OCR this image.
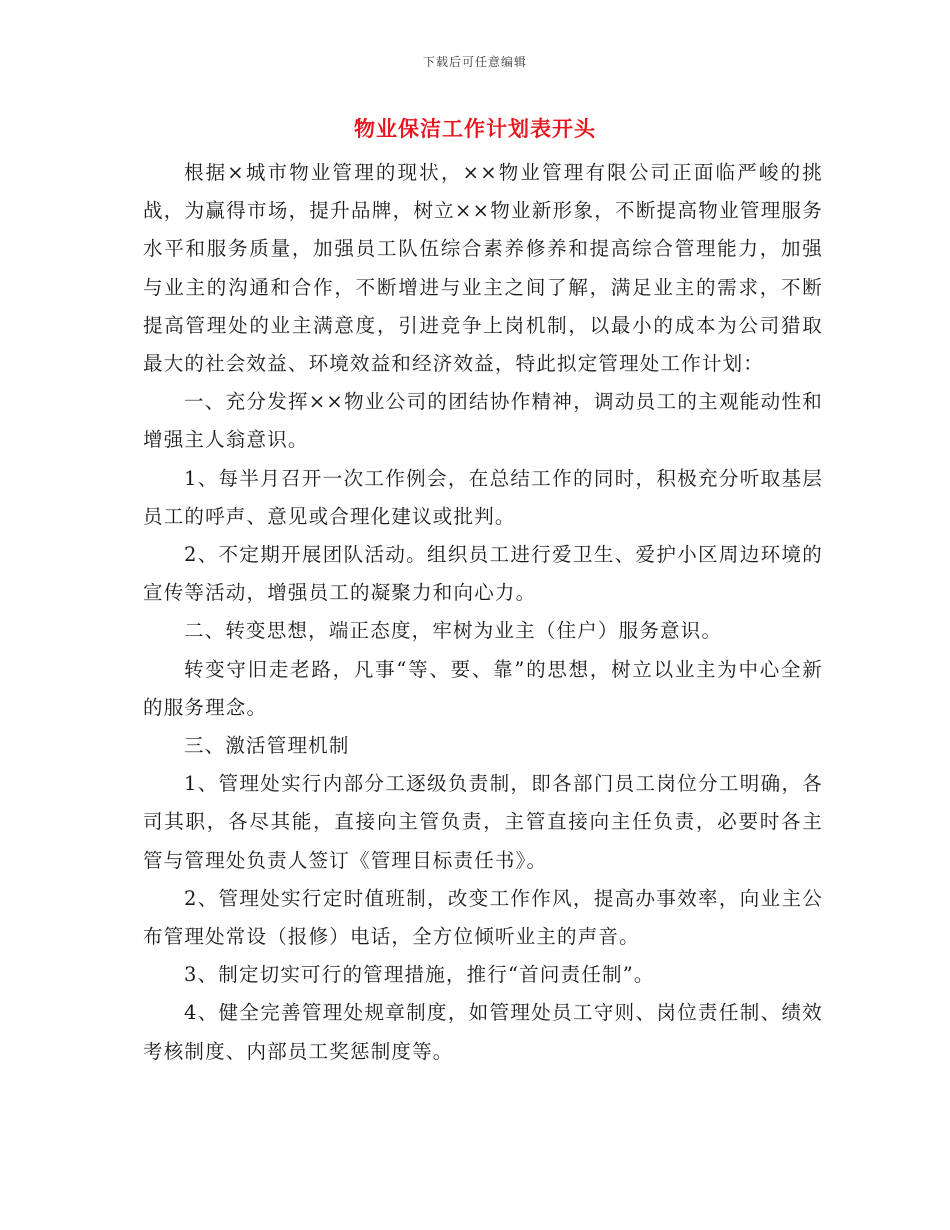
下载后可任意编辑
物业保洁工作计划表开头

根据×城市物业管理的现状，××物业管理有限公司正面临严峻的挑战，为赢得市场，提升品牌，树立××物业新形象，不断提高物业管理服务水平和服务质量，加强员工队伍综合素养修养和提高综合管理能力，加强与业主的沟通和合作，不断增进与业主之间了解，满足业主的需求，不断提高管理处的业主满意度，引进竞争上岗机制，以最小的成本为公司猎取最大的社会效益、环境效益和经济效益，特此拟定管理处工作计划：

一、充分发挥××物业公司的团结协作精神，调动员工的主观能动性和增强主人翁意识。

1、每半月召开一次工作例会，在总结工作的同时，积极充分听取基层员工的呼声、意见或合理化建议或批判。

2、不定期开展团队活动。组织员工进行爱卫生、爱护小区周边环境的宣传等活动，增强员工的凝聚力和向心力。

二、转变思想，端正态度，牢树为业主（住户）服务意识。

转变守旧走老路，凡事“等、要、靠”的思想，树立以业主为中心全新的服务理念。

三、激活管理机制

1、管理处实行内部分工逐级负责制，即各部门员工岗位分工明确，各司其职，各尽其能，直接向主管负责，主管直接向主任负责，必要时各主管与管理处负责人签订《管理目标责任书》。

2、管理处实行定时值班制，改变工作作风，提高办事效率，向业主公布管理处常设（报修）电话，全方位倾听业主的声音。

3、制定切实可行的管理措施，推行“首问责任制”。

4、健全完善管理处规章制度，如管理处员工守则、岗位责任制、绩效考核制度、内部员工奖惩制度等。
